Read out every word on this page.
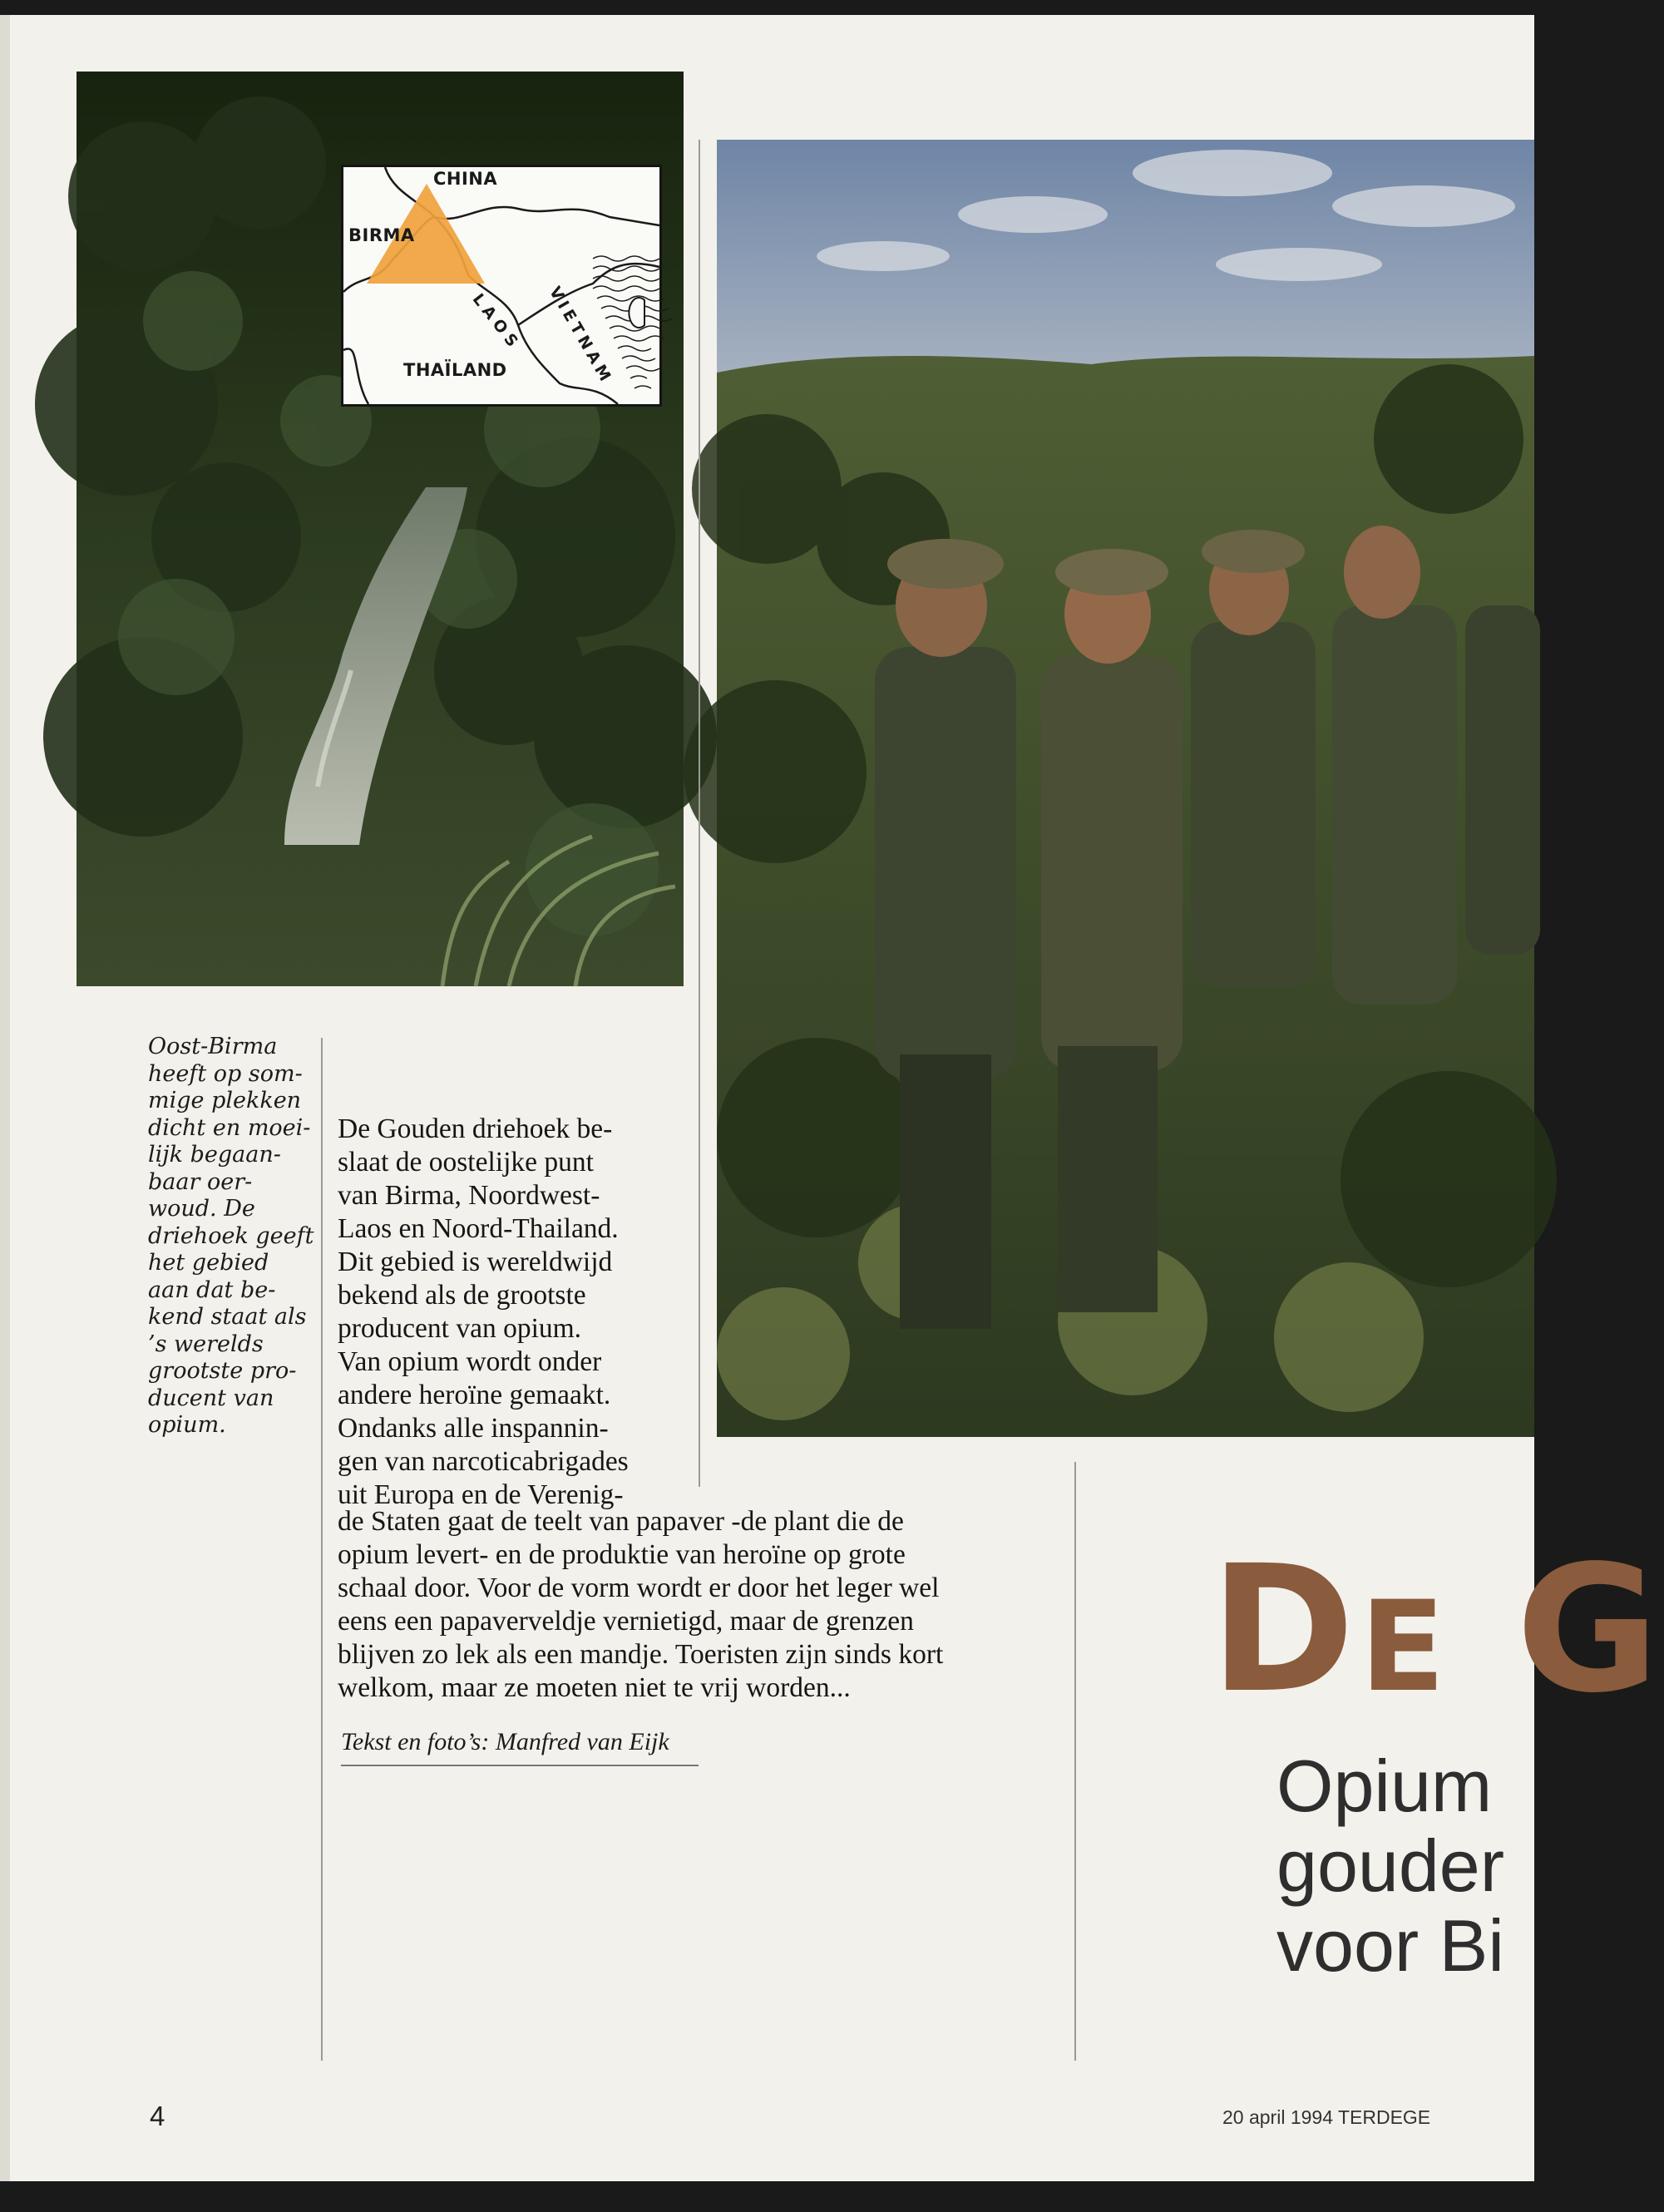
CHINA
BIRMA
THAÏLAND
LAOS VIETNAM

Oost-Birma

heeft op som-

mige plekken

dicht en moei-

lijk begaan-

baar oer-

woud. De

driehoek geeft

het gebied

aan dat be-

kend staat als

’s werelds

grootste pro-

ducent van

opium.

De Gouden driehoek be-
slaat de oostelijke punt
van Birma, Noordwest-
Laos en Noord-Thailand.
Dit gebied is wereldwijd
bekend als de grootste
producent van opium.
Van opium wordt onder
andere heroïne gemaakt.
Ondanks alle inspannin-
gen van narcoticabrigades
uit Europa en de Verenig-
de Staten gaat de teelt van papaver -de plant die de
opium levert- en de produktie van heroïne op grote
schaal door. Voor de vorm wordt er door het leger wel
eens een papaverveldje vernietigd, maar de grenzen
blijven zo lek als een mandje. Toeristen zijn sinds kort
welkom, maar ze moeten niet te vrij worden...
Tekst en foto’s: Manfred van Eijk
DE G
Opium
gouder
voor Bi
4	20 april 1994 TERDEGE
